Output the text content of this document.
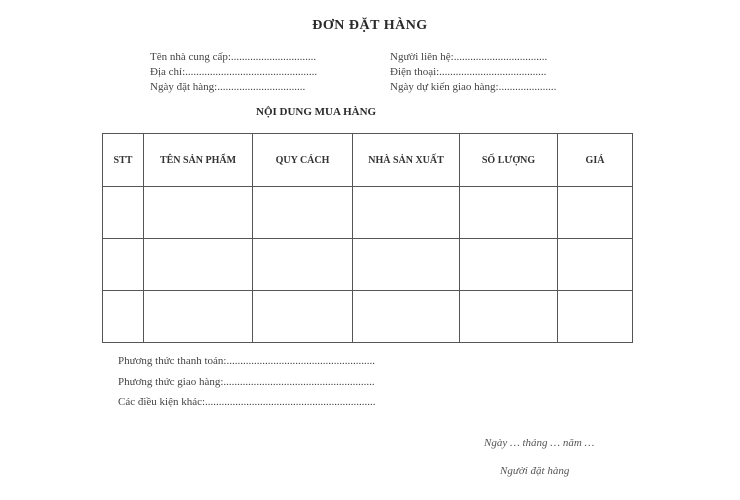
ĐƠN ĐẶT HÀNG
Tên nhà cung cấp:...............................	Người liên hệ:..................................
Địa chỉ:................................................	Điện thoại:.......................................
Ngày đặt hàng:................................	Ngày dự kiến giao hàng:.....................
NỘI DUNG MUA HÀNG
STT	TÊN SẢN PHẨM	QUY CÁCH	NHÀ SẢN XUẤT	SỐ LƯỢNG	GIÁ

Phương thức thanh toán:......................................................
Phương thức giao hàng:.......................................................
Các điều kiện khác:..............................................................
Ngày … tháng … năm …
Người đặt hàng
